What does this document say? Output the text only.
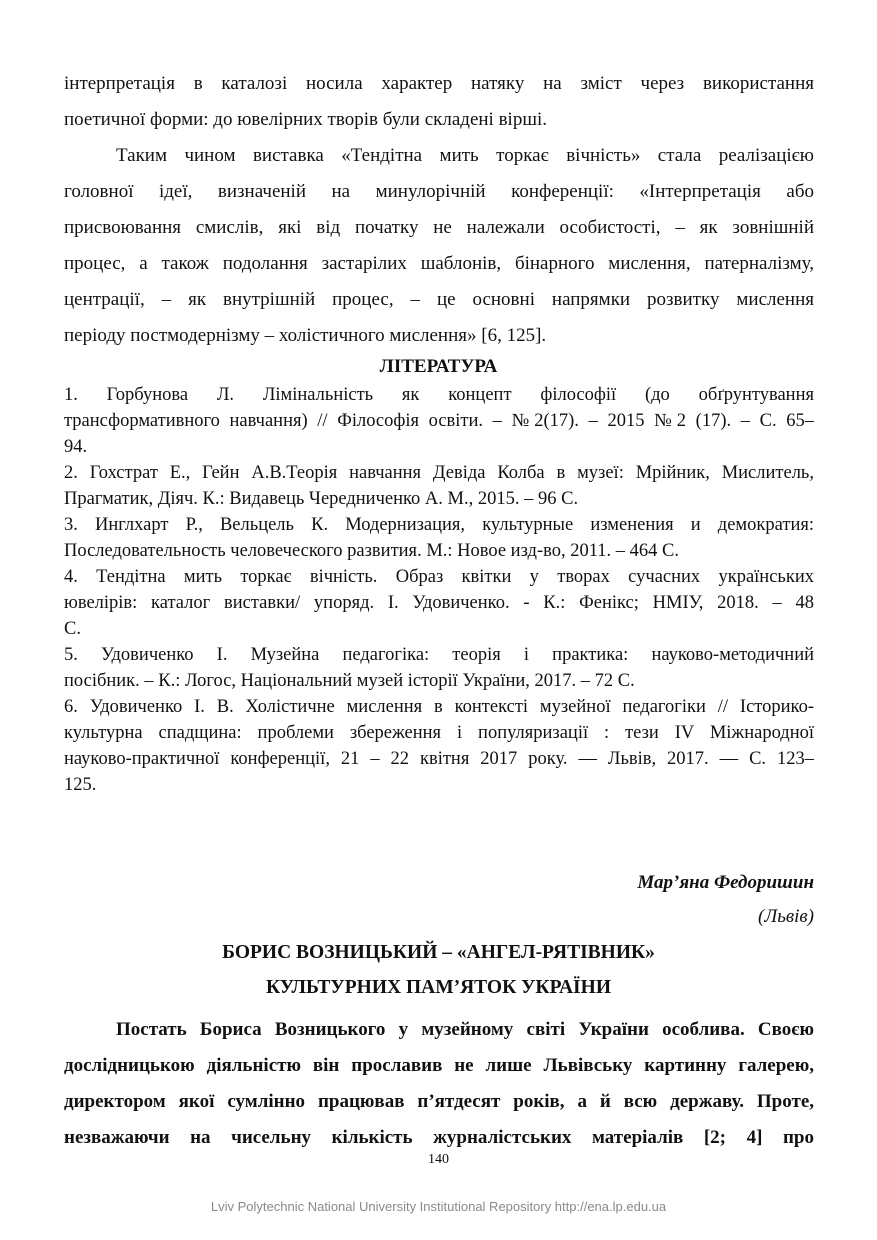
інтерпретація в каталозі носила характер натяку на зміст через використання
поетичної форми: до ювелірних творів були складені вірші.
Таким чином виставка «Тендітна мить торкає вічність» стала реалізацією
головної ідеї, визначеній на минулорічній конференції: «Інтерпретація або
присвоювання смислів, які від початку не належали особистості, – як зовнішній
процес, а також подолання застарілих шаблонів, бінарного мислення, патерналізму,
центрації, – як внутрішній процес, – це основні напрямки розвитку мислення
періоду постмодернізму – холістичного мислення» [6, 125].
ЛІТЕРАТУРА
1. Горбунова Л. Лімінальність як концепт філософії (до обґрунтування
трансформативного навчання) // Філософія освіти. – №2(17). – 2015 №2 (17). – С. 65–
94.
2. Гохстрат Е., Гейн А.В.Теорія навчання Девіда Колба в музеї: Мрійник, Мислитель,
Прагматик, Діяч. К.: Видавець Чередниченко А. М., 2015. – 96 С.
3. Инглхарт Р., Вельцель К. Модернизация, культурные изменения и демократия:
Последовательность человеческого развития. М.: Новое изд-во, 2011. – 464 С.
4. Тендітна мить торкає вічність. Образ квітки у творах сучасних українських
ювелірів: каталог виставки/ упоряд. І. Удовиченко. - К.: Фенікс; НМІУ, 2018. – 48
С.
5. Удовиченко І. Музейна педагогіка: теорія і практика: науково-методичний
посібник. – К.: Логос, Національний музей історії України, 2017. – 72 С.
6. Удовиченко І. В. Холістичне мислення в контексті музейної педагогіки // Історико-
культурна спадщина: проблеми збереження і популяризації : тези IV Міжнародної
науково-практичної конференції, 21 – 22 квітня 2017 року. — Львів, 2017. — С. 123–
125.
Мар’яна Федоришин
(Львів)
БОРИС ВОЗНИЦЬКИЙ – «АНГЕЛ-РЯТІВНИК»
КУЛЬТУРНИХ ПАМ’ЯТОК УКРАЇНИ
Постать Бориса Возницького у музейному світі України особлива. Своєю
дослідницькою діяльністю він прославив не лише Львівську картинну галерею,
директором якої сумлінно працював п’ятдесят років, а й всю державу. Проте,
незважаючи на чисельну кількість журналістських матеріалів [2; 4] про
140
Lviv Polytechnic National University Institutional Repository http://ena.lp.edu.ua
